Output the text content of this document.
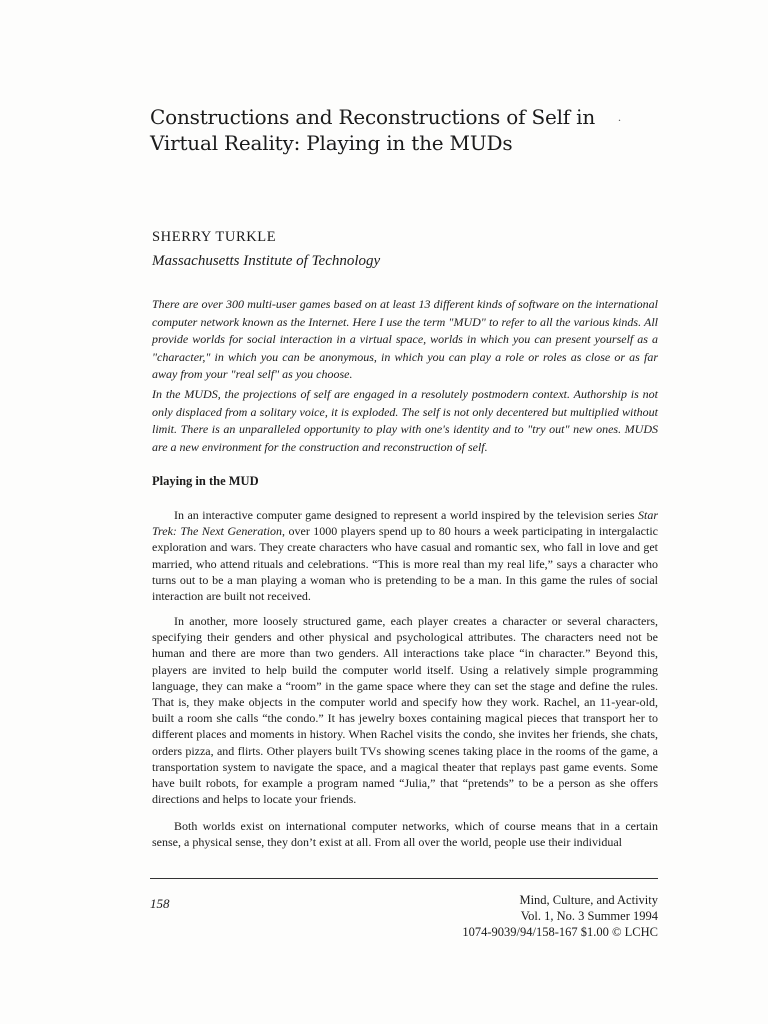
.
Constructions and Reconstructions of Self in
Virtual Reality: Playing in the MUDs
SHERRY TURKLE
Massachusetts Institute of Technology

There are over 300 multi-user games based on at least 13 different kinds of software on the international computer network known as the Internet. Here I use the term "MUD" to refer to all the various kinds. All provide worlds for social interaction in a virtual space, worlds in which you can present yourself as a "character," in which you can be anonymous, in which you can play a role or roles as close or as far away from your "real self" as you choose.

In the MUDS, the projections of self are engaged in a resolutely postmodern context. Authorship is not only displaced from a solitary voice, it is exploded. The self is not only decentered but multiplied without limit. There is an unparalleled opportunity to play with one's identity and to "try out" new ones. MUDS are a new environment for the construction and reconstruction of self.

Playing in the MUD

In an interactive computer game designed to represent a world inspired by the television series Star Trek: The Next Generation, over 1000 players spend up to 80 hours a week participating in intergalactic exploration and wars. They create characters who have casual and romantic sex, who fall in love and get married, who attend rituals and celebrations. “This is more real than my real life,” says a character who turns out to be a man playing a woman who is pretending to be a man. In this game the rules of social interaction are built not received.

In another, more loosely structured game, each player creates a character or several characters, specifying their genders and other physical and psychological attributes. The characters need not be human and there are more than two genders. All interactions take place “in character.” Beyond this, players are invited to help build the computer world itself. Using a relatively simple programming language, they can make a “room” in the game space where they can set the stage and define the rules. That is, they make objects in the computer world and specify how they work. Rachel, an 11-year-old, built a room she calls “the condo.” It has jewelry boxes containing magical pieces that transport her to different places and moments in history. When Rachel visits the condo, she invites her friends, she chats, orders pizza, and flirts. Other players built TVs showing scenes taking place in the rooms of the game, a transportation system to navigate the space, and a magical theater that replays past game events. Some have built robots, for example a program named “Julia,” that “pretends” to be a person as she offers directions and helps to locate your friends.

Both worlds exist on international computer networks, which of course means that in a certain sense, a physical sense, they don’t exist at all. From all over the world, people use their individual

158	Mind, Culture, and Activity
Vol. 1, No. 3 Summer 1994
1074-9039/94/158-167 $1.00 © LCHC
